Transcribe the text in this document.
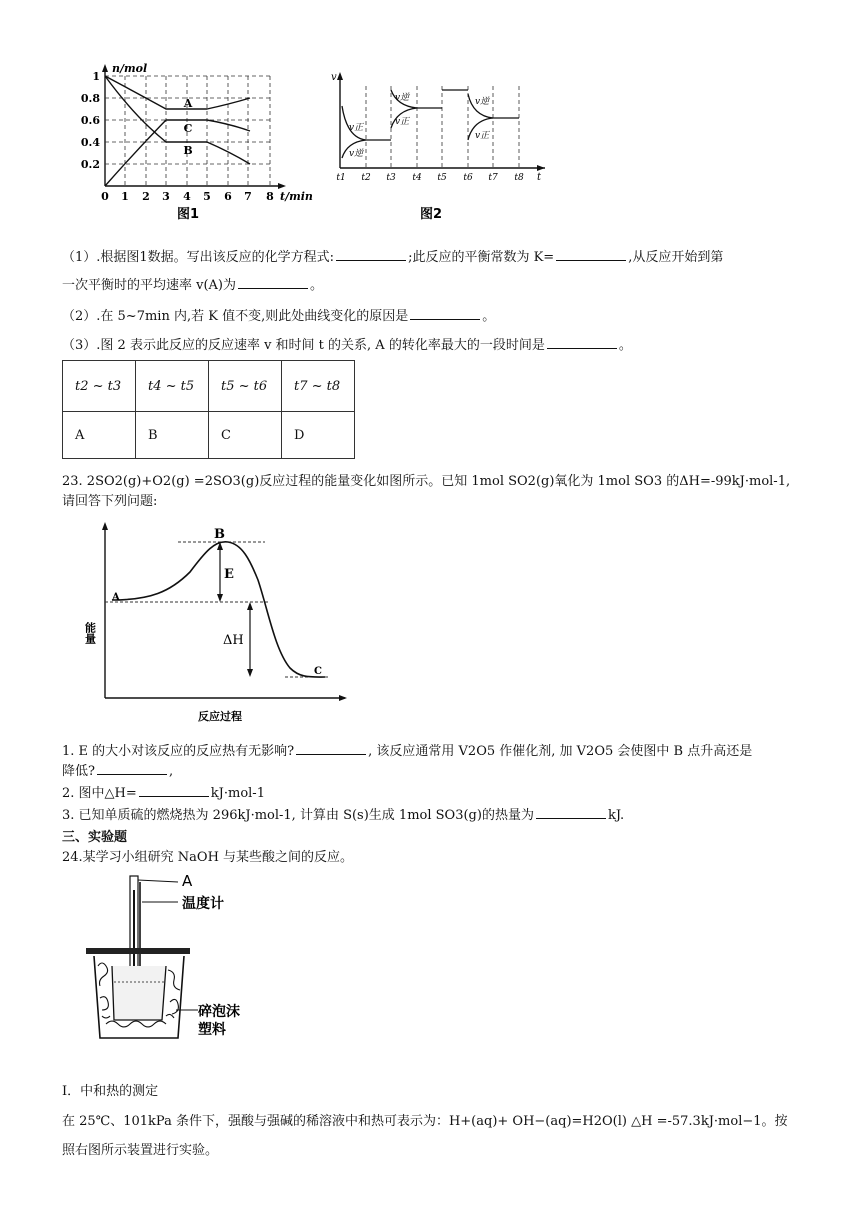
n/mol
1
0.8
0.6
0.4
0.2
0 1 2 3 4 5 6 7 8 t/min
A
C
B
图1
v
t
v正
v逆
v逆
v正
v逆
v正
t1 t2 t3 t4 t5 t6 t7 t8
图2
（1）.根据图1数据。写出该反应的化学方程式:	;此反应的平衡常数为 K=	,从反应开始到第
一次平衡时的平均速率 v(A)为	。
（2）.在 5~7min 内,若 K 值不变,则此处曲线变化的原因是	。
（3）.图 2 表示此反应的反应速率 v 和时间 t 的关系, A 的转化率最大的一段时间是	。
t2 ~ t3	t4 ~ t5	t5 ~ t6	t7 ~ t8
A	B	C	D
23. 2SO2(g)+O2(g) =2SO3(g)反应过程的能量变化如图所示。已知 1mol SO2(g)氧化为 1mol SO3 的ΔH=-99kJ·mol-1,
请回答下列问题:
A
B
C
E
ΔH
能量
反应过程
1. E 的大小对该反应的反应热有无影响?	, 该反应通常用 V2O5 作催化剂, 加 V2O5 会使图中 B 点升高还是
降低?	,
2. 图中△H=	kJ·mol-1
3. 已知单质硫的燃烧热为 296kJ·mol-1, 计算由 S(s)生成 1mol SO3(g)的热量为	kJ.
三、实验题
24.某学习小组研究 NaOH 与某些酸之间的反应。
A
温度计
碎泡沫
塑料
Ⅰ．中和热的测定
在 25℃、101kPa 条件下，强酸与强碱的稀溶液中和热可表示为：H+(aq)+ OH−(aq)=H2O(l) △H =-57.3kJ·mol−1。按
照右图所示装置进行实验。
